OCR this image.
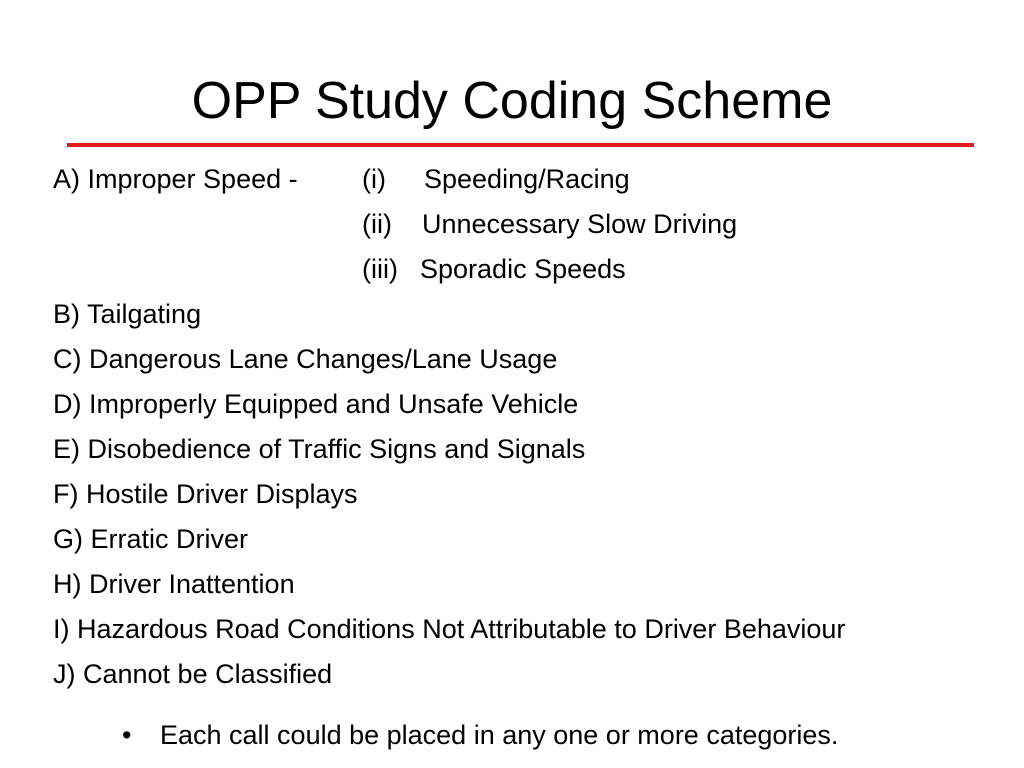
OPP Study Coding Scheme
A) Improper Speed - (i) Speeding/Racing
(ii) Unnecessary Slow Driving
(iii) Sporadic Speeds
B) Tailgating
C) Dangerous Lane Changes/Lane Usage
D) Improperly Equipped and Unsafe Vehicle
E) Disobedience of Traffic Signs and Signals
F) Hostile Driver Displays
G) Erratic Driver
H) Driver Inattention
I) Hazardous Road Conditions Not Attributable to Driver Behaviour
J) Cannot be Classified
• Each call could be placed in any one or more categories.
